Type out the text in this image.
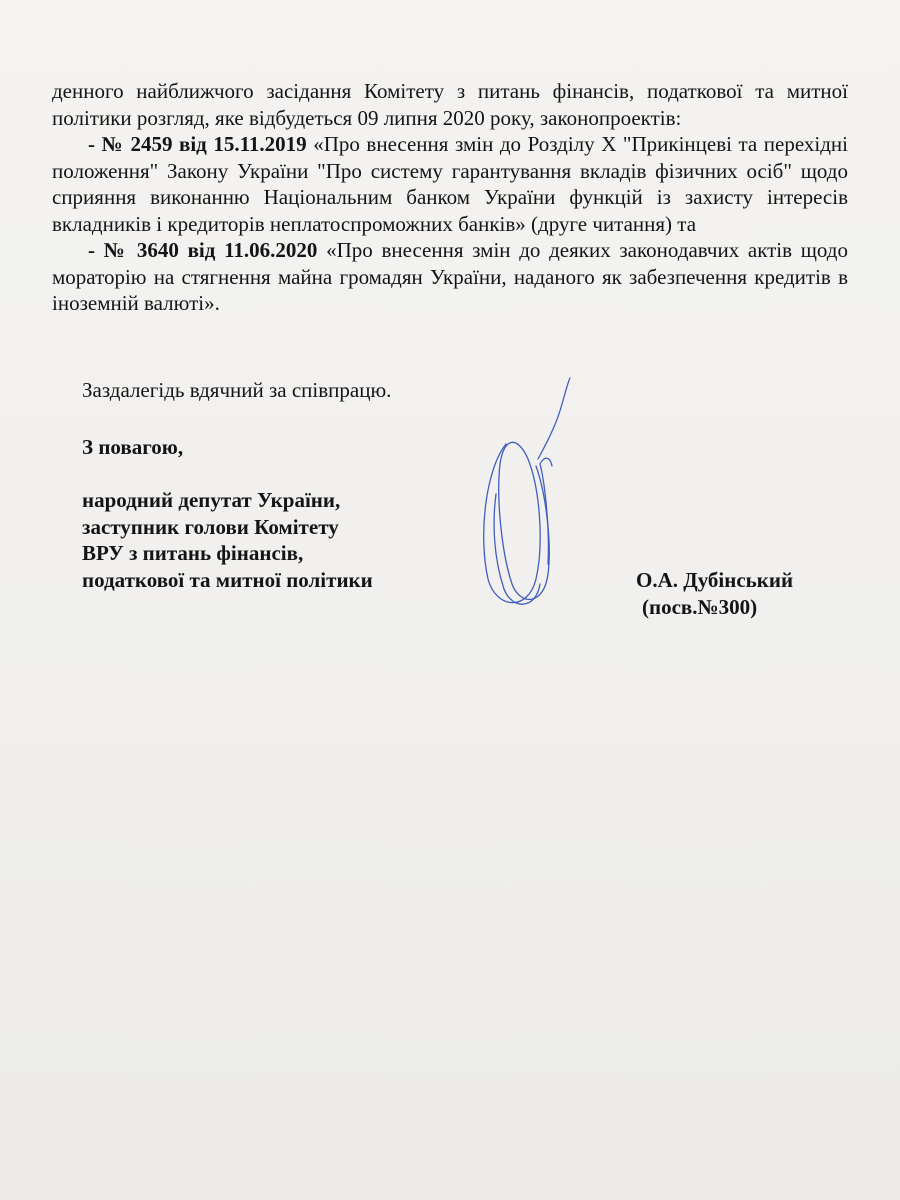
денного найближчого засідання Комітету з питань фінансів, податкової та митної політики розгляд, яке відбудеться 09 липня 2020 року, законопроектів:

- № 2459 від 15.11.2019 «Про внесення змін до Розділу X "Прикінцеві та перехідні положення" Закону України "Про систему гарантування вкладів фізичних осіб" щодо сприяння виконанню Національним банком України функцій із захисту інтересів вкладників і кредиторів неплатоспроможних банків» (друге читання) та

- № 3640 від 11.06.2020 «Про внесення змін до деяких законодавчих актів щодо мораторію на стягнення майна громадян України, наданого як забезпечення кредитів в іноземній валюті».

Заздалегідь вдячний за співпрацю.

З повагою,

народний депутат України,
заступник голови Комітету
ВРУ з питань фінансів,
податкової та митної політики	О.А. Дубінський
(посв.№300)
